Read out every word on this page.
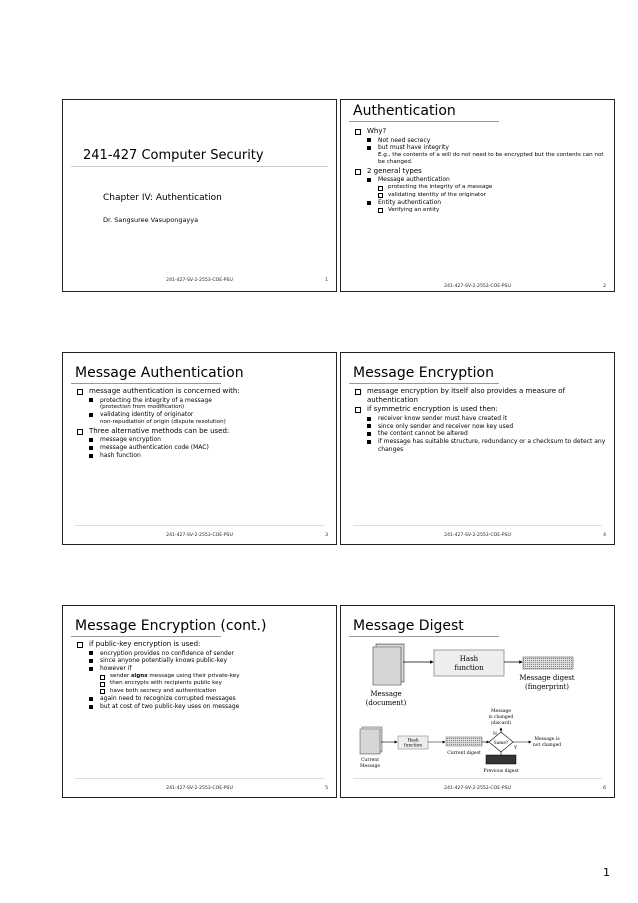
241-427 Computer Security
Chapter IV: Authentication
Dr. Sangsuree Vasupongayya
241-427-SV-2-2553-COE-PSU	1
Authentication
Why?
Not need secrecy
but must have integrity
E.g., the contents of a will do not need to be encrypted but the contents can not be changed.
2 general types
Message authentication
protecting the integrity of a message
validating identity of the originator
Entity authentication
Verifying an entity
241-427-SV-2-2553-COE-PSU	2
Message Authentication
message authentication is concerned with:
protecting the integrity of a message
(protection from modification)
validating identity of originator
non-repudiation of origin (dispute resolution)
Three alternative methods can be used:
message encryption
message authentication code (MAC)
hash function
241-427-SV-2-2553-COE-PSU	3
Message Encryption
message encryption by itself also provides a measure of authentication
if symmetric encryption is used then:
receiver know sender must have created it
since only sender and receiver now key used
the content cannot be altered
if message has suitable structure, redundancy or a checksum to detect any changes
241-427-SV-2-2553-COE-PSU	4
Message Encryption (cont.)
if public-key encryption is used:
encryption provides no confidence of sender
since anyone potentially knows public-key
however if
sender signs message using their private-key
then encrypts with recipients public key
have both secrecy and authentication
again need to recognize corrupted messages
but at cost of two public-key uses on message
241-427-SV-2-2553-COE-PSU	5
Message Digest
Hash
function
Message digest
(fingerprint)
Message
(document)
Message
is changed
(discard)
N
Current
Message
Hash
function
Current digest
Same?
Y
Message is
not changed
Previous digest
241-427-SV-2-2553-COE-PSU	6
1
